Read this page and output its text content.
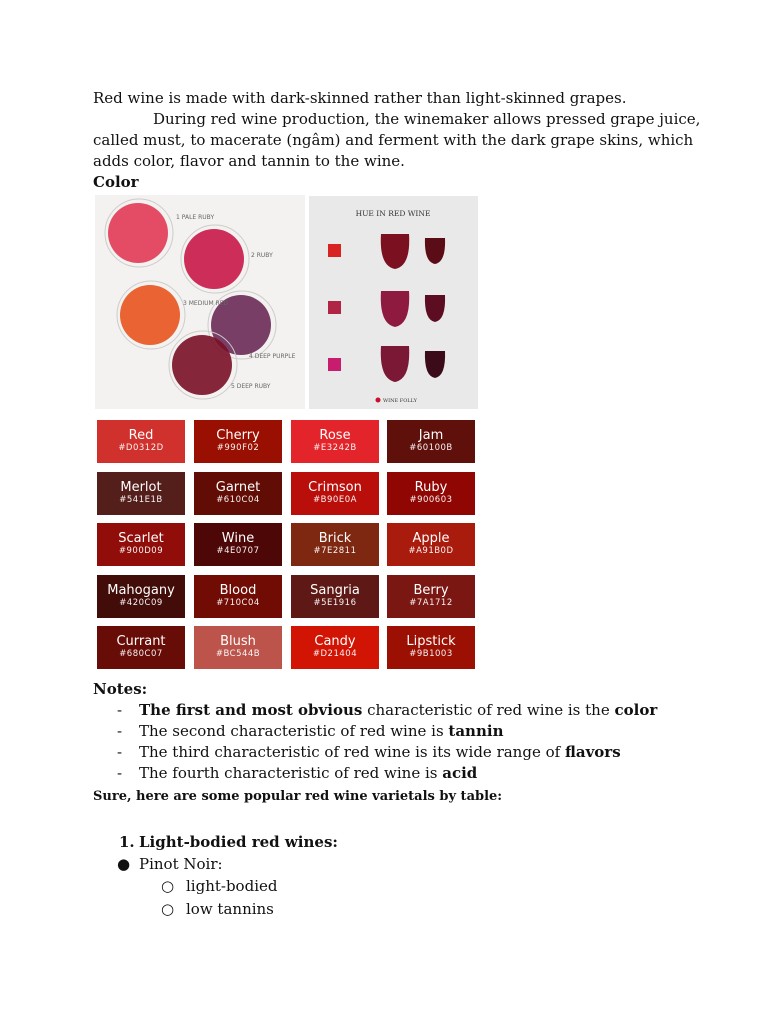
Red wine is made with dark-skinned rather than light-skinned grapes.

During red wine production, the winemaker allows pressed grape juice,

called must, to macerate (ngâm) and ferment with the dark grape skins, which

adds color, flavor and tannin to the wine.

Color

1 PALE RUBY
2 RUBY
3 MEDIUM RED
4 DEEP PURPLE
5 DEEP RUBY
HUE IN RED WINE
WINE FOLLY
Red
#D0312D
Cherry
#990F02
Rose
#E3242B
Jam
#60100B
Merlot
#541E1B
Garnet
#610C04
Crimson
#B90E0A
Ruby
#900603
Scarlet
#900D09
Wine
#4E0707
Brick
#7E2811
Apple
#A91B0D
Mahogany
#420C09
Blood
#710C04
Sangria
#5E1916
Berry
#7A1712
Currant
#680C07
Blush
#BC544B
Candy
#D21404
Lipstick
#9B1003

Notes:

- The first and most obvious characteristic of red wine is the color
- The second characteristic of red wine is tannin
- The third characteristic of red wine is its wide range of flavors
- The fourth characteristic of red wine is acid

Sure, here are some popular red wine varietals by table:

1. Light-bodied red wines:
● Pinot Noir:
○ light-bodied
○ low tannins
